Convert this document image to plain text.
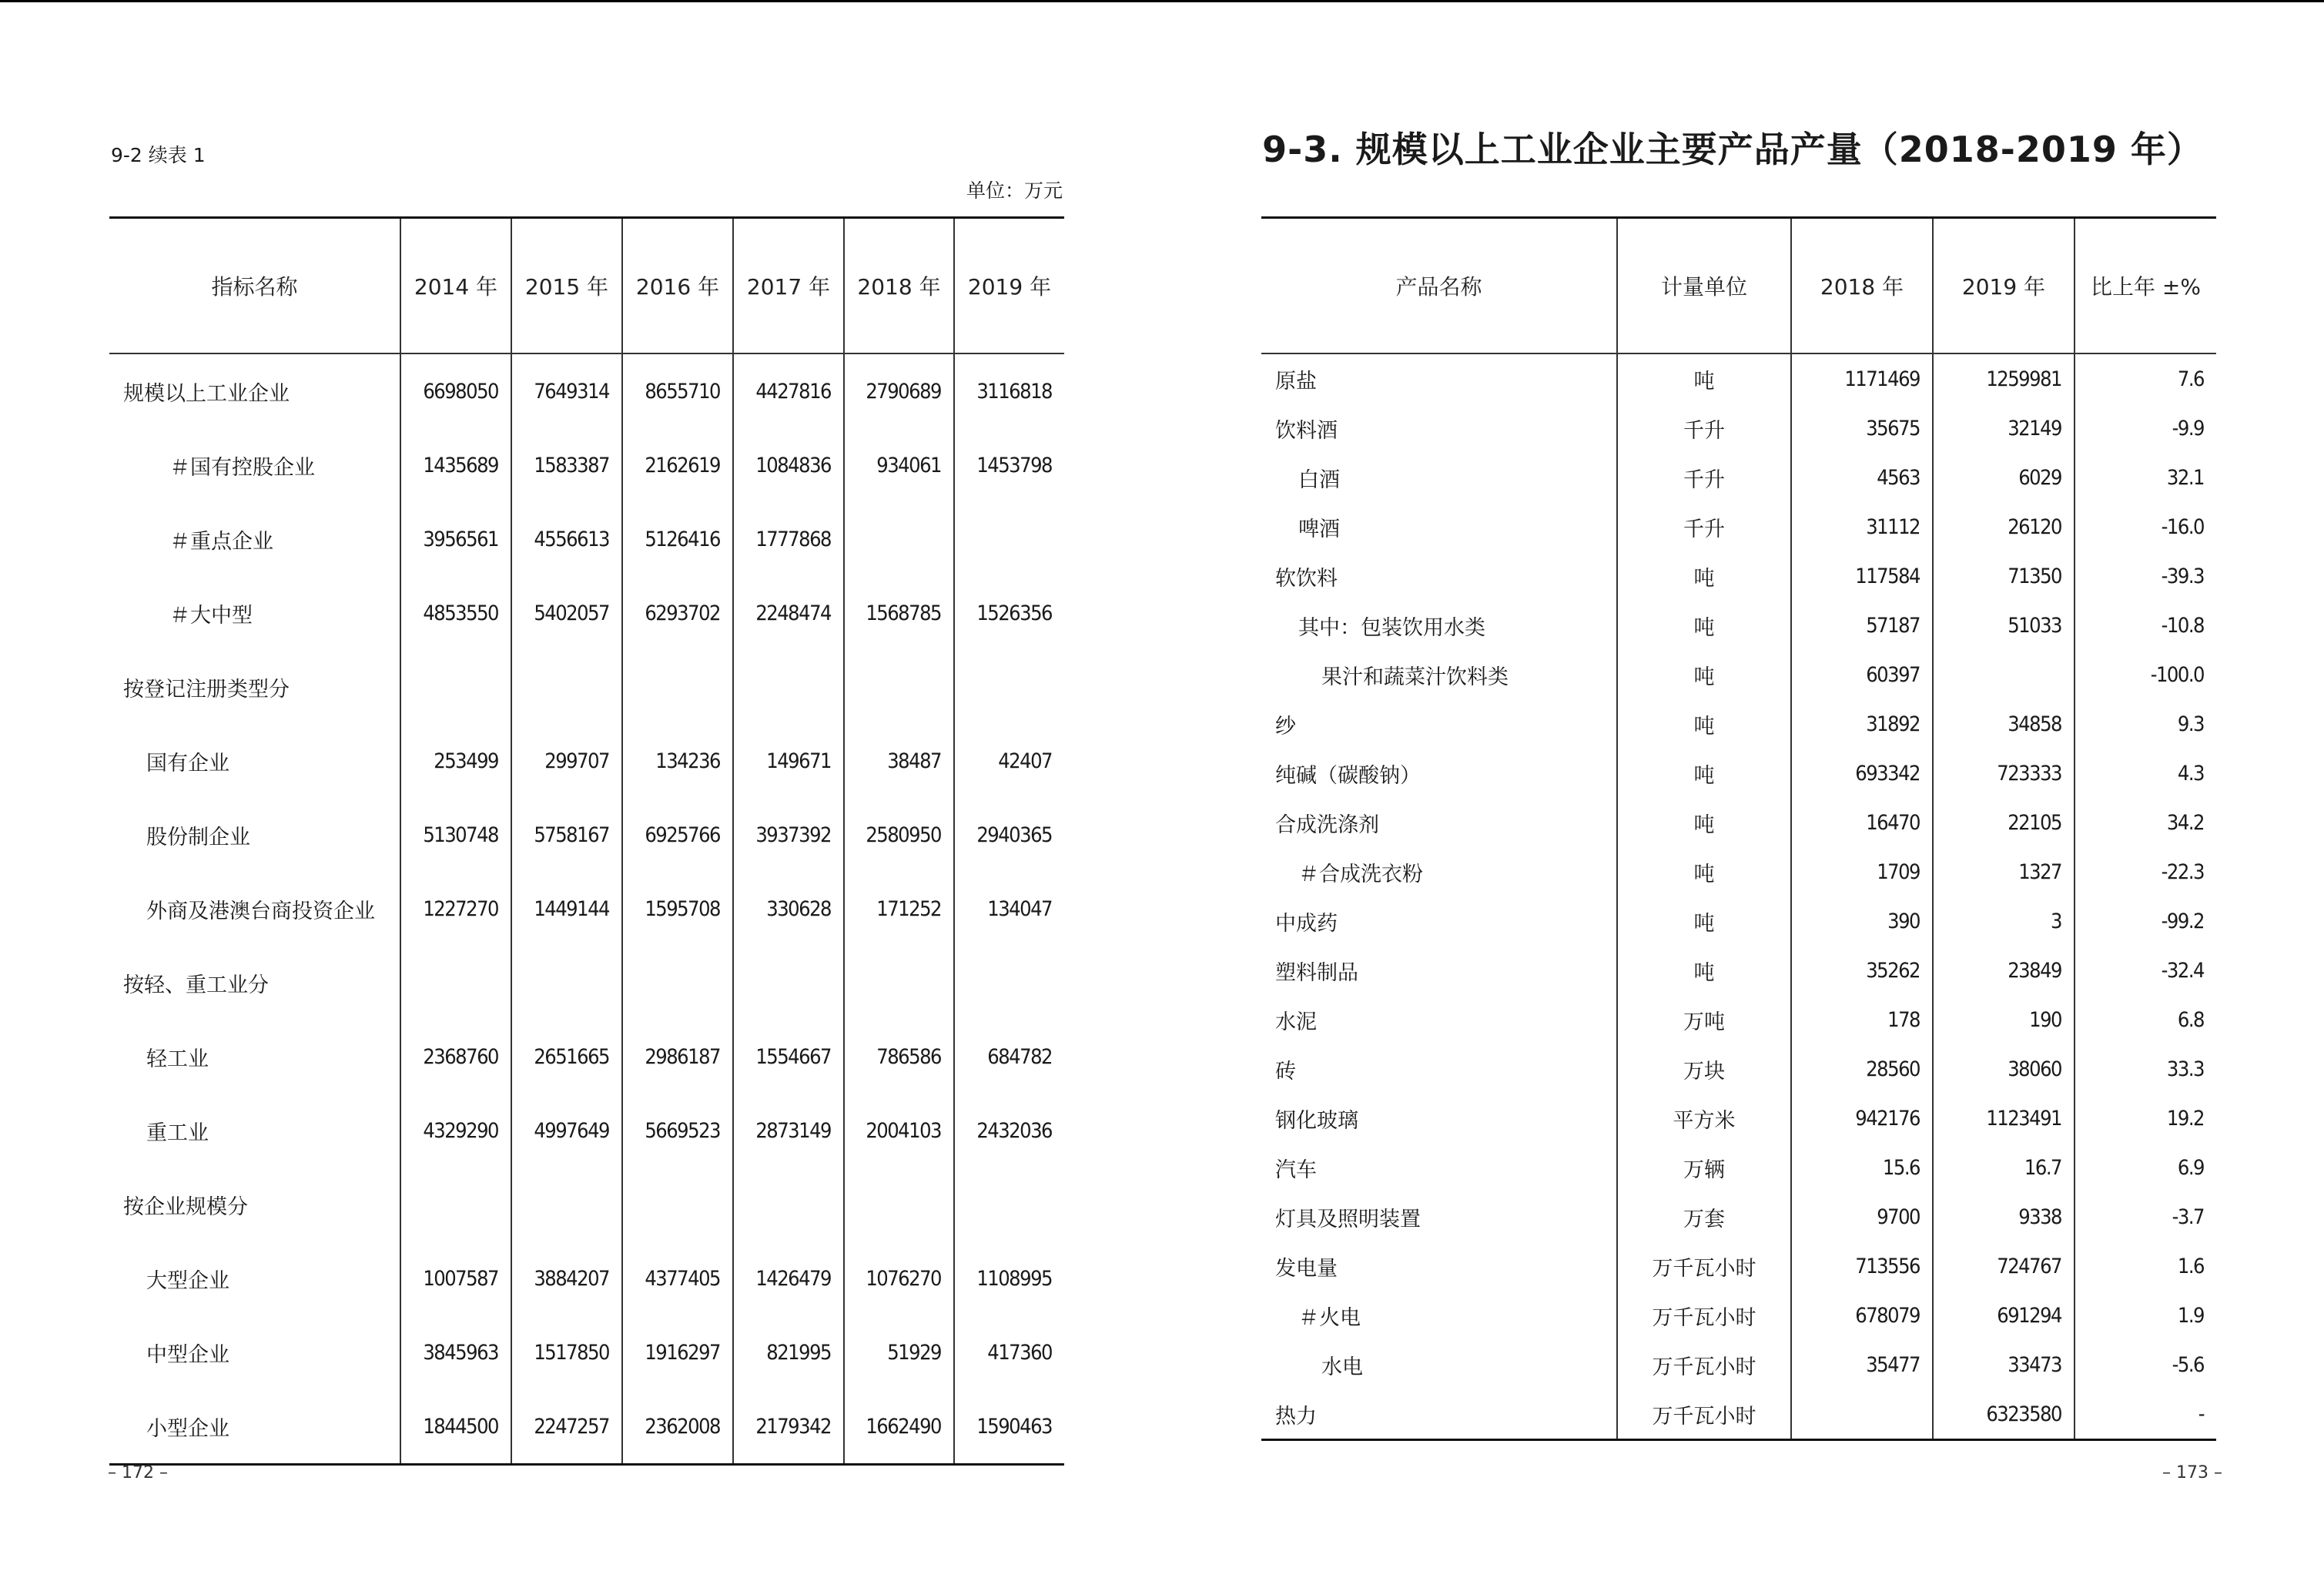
9-2 续表 1
单位：万元
指标名称	2014 年	2015 年	2016 年	2017 年	2018 年	2019 年
规模以上工业企业	6698050	7649314	8655710	4427816	2790689	3116818
＃国有控股企业	1435689	1583387	2162619	1084836	934061	1453798
＃重点企业	3956561	4556613	5126416	1777868		
＃大中型	4853550	5402057	6293702	2248474	1568785	1526356
按登记注册类型分						
国有企业	253499	299707	134236	149671	38487	42407
股份制企业	5130748	5758167	6925766	3937392	2580950	2940365
外商及港澳台商投资企业	1227270	1449144	1595708	330628	171252	134047
按轻、重工业分						
轻工业	2368760	2651665	2986187	1554667	786586	684782
重工业	4329290	4997649	5669523	2873149	2004103	2432036
按企业规模分						
大型企业	1007587	3884207	4377405	1426479	1076270	1108995
中型企业	3845963	1517850	1916297	821995	51929	417360
小型企业	1844500	2247257	2362008	2179342	1662490	1590463
– 172 –
9-3. 规模以上工业企业主要产品产量（2018-2019 年）
产品名称	计量单位	2018 年	2019 年	比上年 ±%
原盐	吨	1171469	1259981	7.6
饮料酒	千升	35675	32149	-9.9
白酒	千升	4563	6029	32.1
啤酒	千升	31112	26120	-16.0
软饮料	吨	117584	71350	-39.3
其中：包装饮用水类	吨	57187	51033	-10.8
果汁和蔬菜汁饮料类	吨	60397		-100.0
纱	吨	31892	34858	9.3
纯碱（碳酸钠）	吨	693342	723333	4.3
合成洗涤剂	吨	16470	22105	34.2
＃合成洗衣粉	吨	1709	1327	-22.3
中成药	吨	390	3	-99.2
塑料制品	吨	35262	23849	-32.4
水泥	万吨	178	190	6.8
砖	万块	28560	38060	33.3
钢化玻璃	平方米	942176	1123491	19.2
汽车	万辆	15.6	16.7	6.9
灯具及照明装置	万套	9700	9338	-3.7
发电量	万千瓦小时	713556	724767	1.6
＃火电	万千瓦小时	678079	691294	1.9
水电	万千瓦小时	35477	33473	-5.6
热力	万千瓦小时		6323580	-
– 173 –
